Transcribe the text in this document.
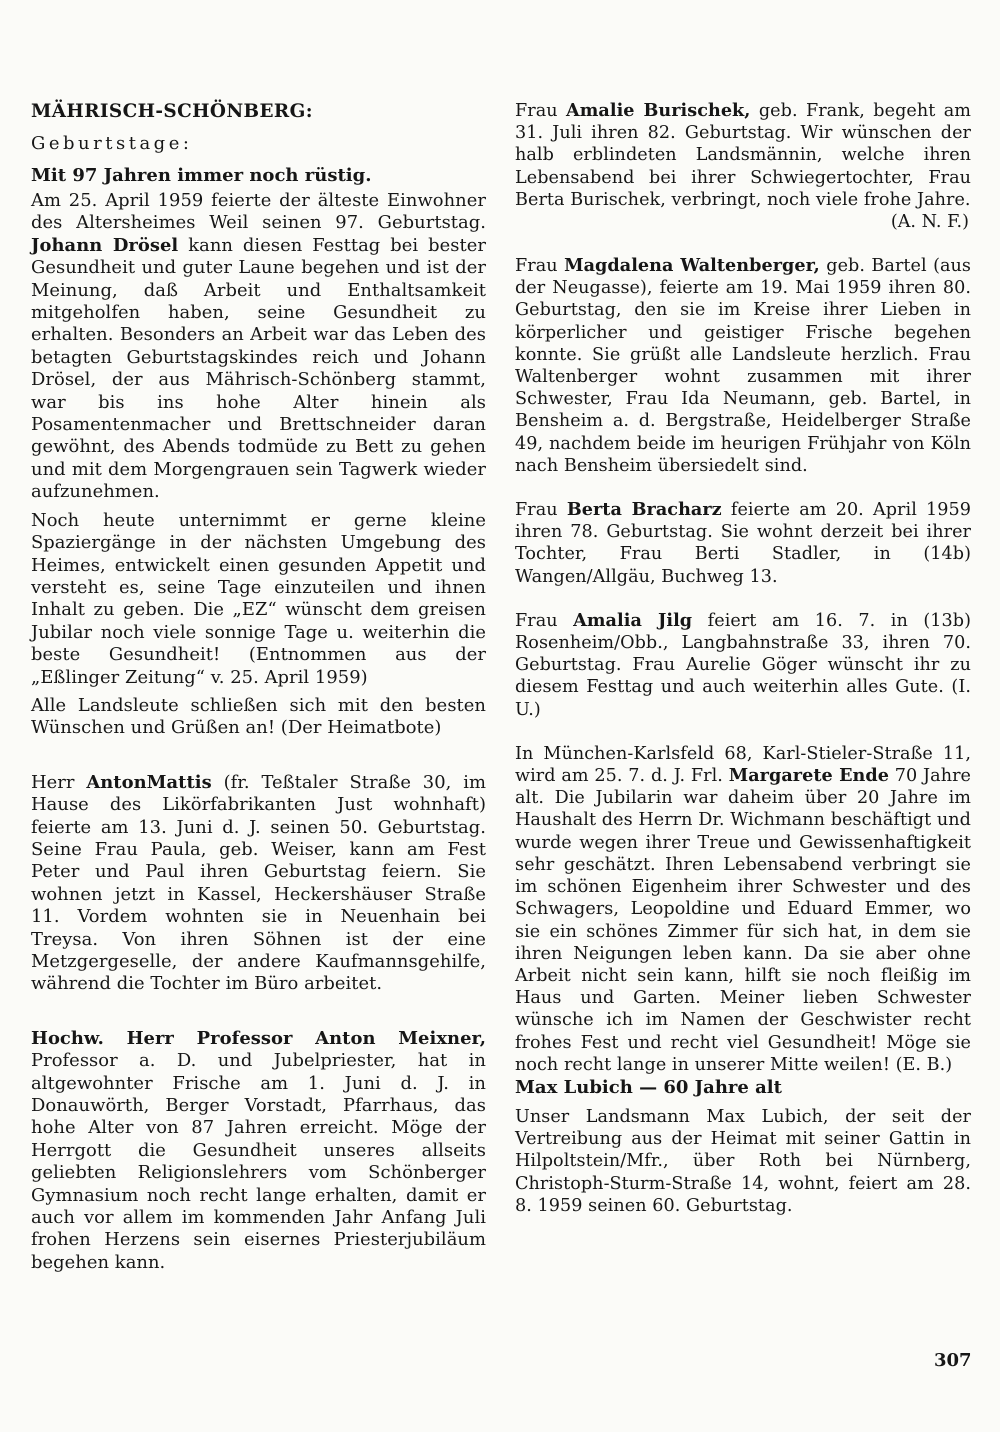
MÄHRISCH-SCHÖNBERG:

Geburtstage:

Mit 97 Jahren immer noch rüstig.

Am 25. April 1959 feierte der älteste Einwohner des Altersheimes Weil seinen 97. Geburtstag. Johann Drösel kann diesen Festtag bei bester Gesundheit und guter Laune begehen und ist der Meinung, daß Arbeit und Enthaltsamkeit mitgeholfen haben, seine Gesundheit zu erhalten. Besonders an Arbeit war das Leben des betagten Geburtstagskindes reich und Johann Drösel, der aus Mährisch-Schönberg stammt, war bis ins hohe Alter hinein als Posamentenmacher und Brettschneider daran gewöhnt, des Abends todmüde zu Bett zu gehen und mit dem Morgengrauen sein Tagwerk wieder aufzunehmen.

Noch heute unternimmt er gerne kleine Spaziergänge in der nächsten Umgebung des Heimes, entwickelt einen gesunden Appetit und versteht es, seine Tage einzuteilen und ihnen Inhalt zu geben. Die „EZ“ wünscht dem greisen Jubilar noch viele sonnige Tage u. weiterhin die beste Gesundheit! (Entnommen aus der „Eßlinger Zeitung“ v. 25. April 1959)

Alle Landsleute schließen sich mit den besten Wünschen und Grüßen an! (Der Heimatbote)

Herr AntonMattis (fr. Teßtaler Straße 30, im Hause des Likörfabrikanten Just wohnhaft) feierte am 13. Juni d. J. seinen 50. Geburtstag. Seine Frau Paula, geb. Weiser, kann am Fest Peter und Paul ihren Geburtstag feiern. Sie wohnen jetzt in Kassel, Heckershäuser Straße 11. Vordem wohnten sie in Neuenhain bei Treysa. Von ihren Söhnen ist der eine Metzgergeselle, der andere Kaufmannsgehilfe, während die Tochter im Büro arbeitet.

Hochw. Herr Professor Anton Meixner, Professor a. D. und Jubelpriester, hat in altgewohnter Frische am 1. Juni d. J. in Donauwörth, Berger Vorstadt, Pfarrhaus, das hohe Alter von 87 Jahren erreicht. Möge der Herrgott die Gesundheit unseres allseits geliebten Religionslehrers vom Schönberger Gymnasium noch recht lange erhalten, damit er auch vor allem im kommenden Jahr Anfang Juli frohen Herzens sein eisernes Priesterjubiläum begehen kann.

Frau Amalie Burischek, geb. Frank, begeht am 31. Juli ihren 82. Geburtstag. Wir wünschen der halb erblindeten Landsmännin, welche ihren Lebensabend bei ihrer Schwiegertochter, Frau Berta Burischek, verbringt, noch viele frohe Jahre.

(A. N. F.)

Frau Magdalena Waltenberger, geb. Bartel (aus der Neugasse), feierte am 19. Mai 1959 ihren 80. Geburtstag, den sie im Kreise ihrer Lieben in körperlicher und geistiger Frische begehen konnte. Sie grüßt alle Landsleute herzlich. Frau Waltenberger wohnt zusammen mit ihrer Schwester, Frau Ida Neumann, geb. Bartel, in Bensheim a. d. Bergstraße, Heidelberger Straße 49, nachdem beide im heurigen Frühjahr von Köln nach Bensheim übersiedelt sind.

Frau Berta Bracharz feierte am 20. April 1959 ihren 78. Geburtstag. Sie wohnt derzeit bei ihrer Tochter, Frau Berti Stadler, in (14b) Wangen/Allgäu, Buchweg 13.

Frau Amalia Jilg feiert am 16. 7. in (13b) Rosenheim/Obb., Langbahnstraße 33, ihren 70. Geburtstag. Frau Aurelie Göger wünscht ihr zu diesem Festtag und auch weiterhin alles Gute. (I. U.)

In München-Karlsfeld 68, Karl-Stieler-Straße 11, wird am 25. 7. d. J. Frl. Margarete Ende 70 Jahre alt. Die Jubilarin war daheim über 20 Jahre im Haushalt des Herrn Dr. Wichmann beschäftigt und wurde wegen ihrer Treue und Gewissenhaftigkeit sehr geschätzt. Ihren Lebensabend verbringt sie im schönen Eigenheim ihrer Schwester und des Schwagers, Leopoldine und Eduard Emmer, wo sie ein schönes Zimmer für sich hat, in dem sie ihren Neigungen leben kann. Da sie aber ohne Arbeit nicht sein kann, hilft sie noch fleißig im Haus und Garten. Meiner lieben Schwester wünsche ich im Namen der Geschwister recht frohes Fest und recht viel Gesundheit! Möge sie noch recht lange in unserer Mitte weilen! (E. B.)

Max Lubich — 60 Jahre alt

Unser Landsmann Max Lubich, der seit der Vertreibung aus der Heimat mit seiner Gattin in Hilpoltstein/Mfr., über Roth bei Nürnberg, Christoph-Sturm-Straße 14, wohnt, feiert am 28. 8. 1959 seinen 60. Geburtstag.

307
